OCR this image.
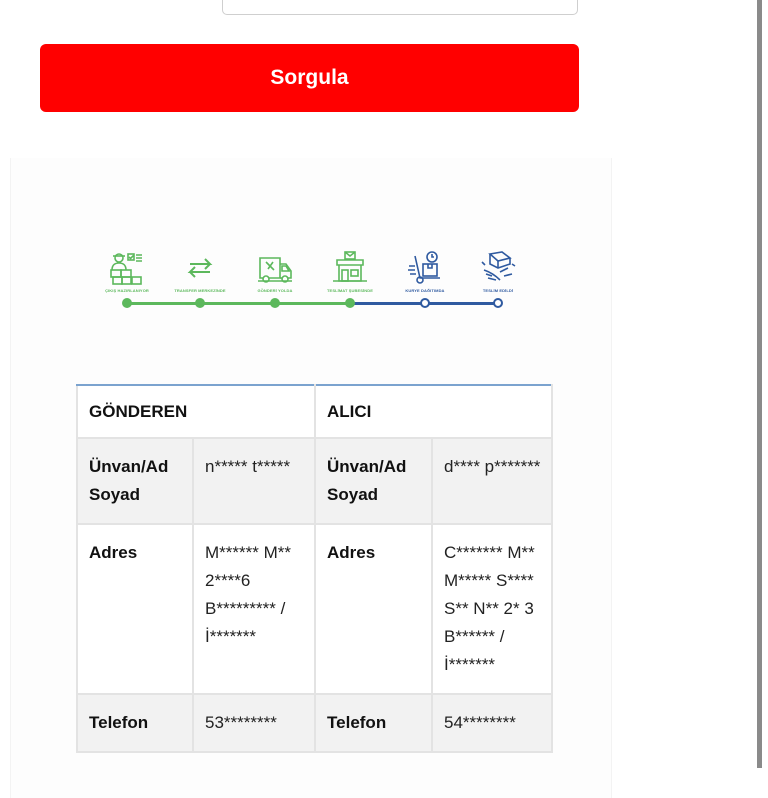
Sorgula
ÇIKIŞ HAZIRLANIYOR	TRANSFER MERKEZİNDE	GÖNDERİ YOLDA	TESLİMAT ŞUBESİNDE	KURYE DAĞITIMDA	TESLİM EDİLDİ
GÖNDEREN		ALICI	
Ünvan/Ad Soyad	n***** t*****	Ünvan/Ad Soyad	d**** p*******
Adres	M****** M** 2****6 B********* / İ*******	Adres	C******* M** M***** S**** S** N** 2* 3 B****** / İ*******
Telefon	53********	Telefon	54********
